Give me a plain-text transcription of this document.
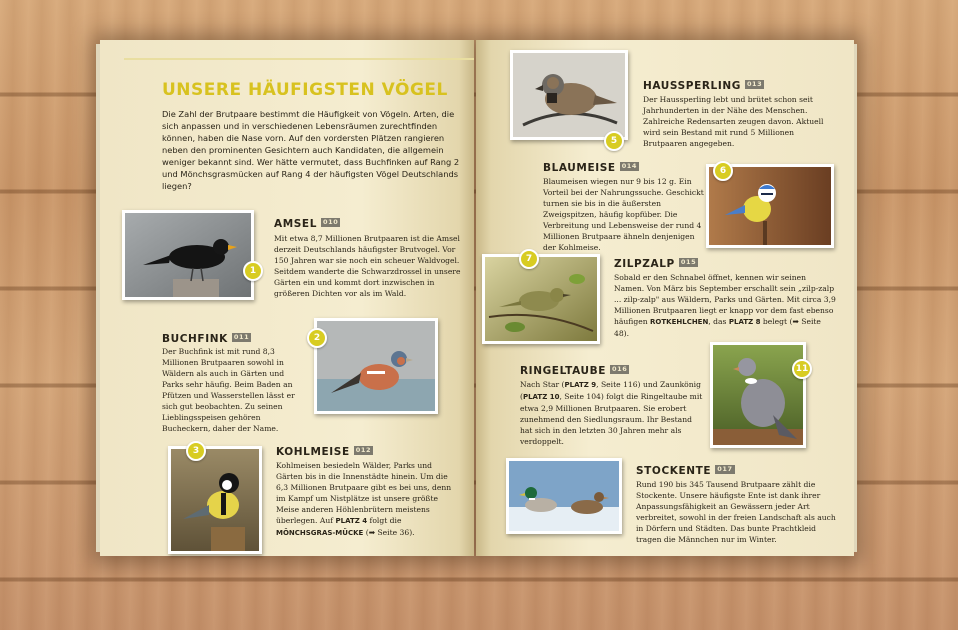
UNSERE HÄUFIGSTEN VÖGEL
Die Zahl der Brutpaare bestimmt die Häufigkeit von Vögeln. Arten, die sich anpassen und in verschiedenen Lebensräumen zurechtfinden können, haben die Nase vorn. Auf den vordersten Plätzen rangieren neben den prominenten Gesichtern auch Kandidaten, die allgemein weniger bekannt sind. Wer hätte vermutet, dass Buchfinken auf Rang 2 und Mönchsgrasmücken auf Rang 4 der häufigsten Vögel Deutschlands liegen?
1
AMSEL 010
Mit etwa 8,7 Millionen Brutpaaren ist die Amsel derzeit Deutschlands häufigster Brutvogel. Vor 150 Jahren war sie noch ein scheuer Waldvogel. Seitdem wanderte die Schwarzdrossel in unsere Gärten ein und kommt dort inzwischen in größeren Dichten vor als im Wald.
BUCHFINK 011
Der Buchfink ist mit rund 8,3 Millionen Brutpaaren sowohl in Wäldern als auch in Gärten und Parks sehr häufig. Beim Baden an Pfützen und Wasserstellen lässt er sich gut beobachten. Zu seinen Lieblingsspeisen gehören Bucheckern, daher der Name.
2
3	KOHLMEISE 012
Kohlmeisen besiedeln Wälder, Parks und Gärten bis in die Innenstädte hinein. Um die 6,3 Millionen Brutpaare gibt es bei uns, denn im Kampf um Nistplätze ist unsere größte Meise anderen Höhlenbrütern meistens überlegen. Auf PLATZ 4 folgt die MÖNCHSGRAS-MÜCKE (➡ Seite 36).
5
HAUSSPERLING 013
Der Haussperling lebt und brütet schon seit Jahrhunderten in der Nähe des Menschen. Zahlreiche Redensarten zeugen davon. Aktuell wird sein Bestand mit rund 5 Millionen Brutpaaren angegeben.
BLAUMEISE 014
Blaumeisen wiegen nur 9 bis 12 g. Ein Vorteil bei der Nahrungssuche. Geschickt turnen sie bis in die äußersten Zweigspitzen, häufig kopfüber. Die Verbreitung und Lebensweise der rund 4 Millionen Brutpaare ähneln denjenigen der Kohlmeise.
6
7	ZILPZALP 015
Sobald er den Schnabel öffnet, kennen wir seinen Namen. Von März bis September erschallt sein „zilp-zalp ... zilp-zalp" aus Wäldern, Parks und Gärten. Mit circa 3,9 Millionen Brutpaaren liegt er knapp vor dem fast ebenso häufigen ROTKEHLCHEN, das PLATZ 8 belegt (➡ Seite 48).
RINGELTAUBE 016
Nach Star (PLATZ 9, Seite 116) und Zaunkönig (PLATZ 10, Seite 104) folgt die Ringeltaube mit etwa 2,9 Millionen Brutpaaren. Sie erobert zunehmend den Siedlungsraum. Ihr Bestand hat sich in den letzten 30 Jahren mehr als verdoppelt.
11
STOCKENTE 017
Rund 190 bis 345 Tausend Brutpaare zählt die Stockente. Unsere häufigste Ente ist dank ihrer Anpassungsfähigkeit an Gewässern jeder Art verbreitet, sowohl in der freien Landschaft als auch in Dörfern und Städten. Das bunte Prachtkleid tragen die Männchen nur im Winter.
